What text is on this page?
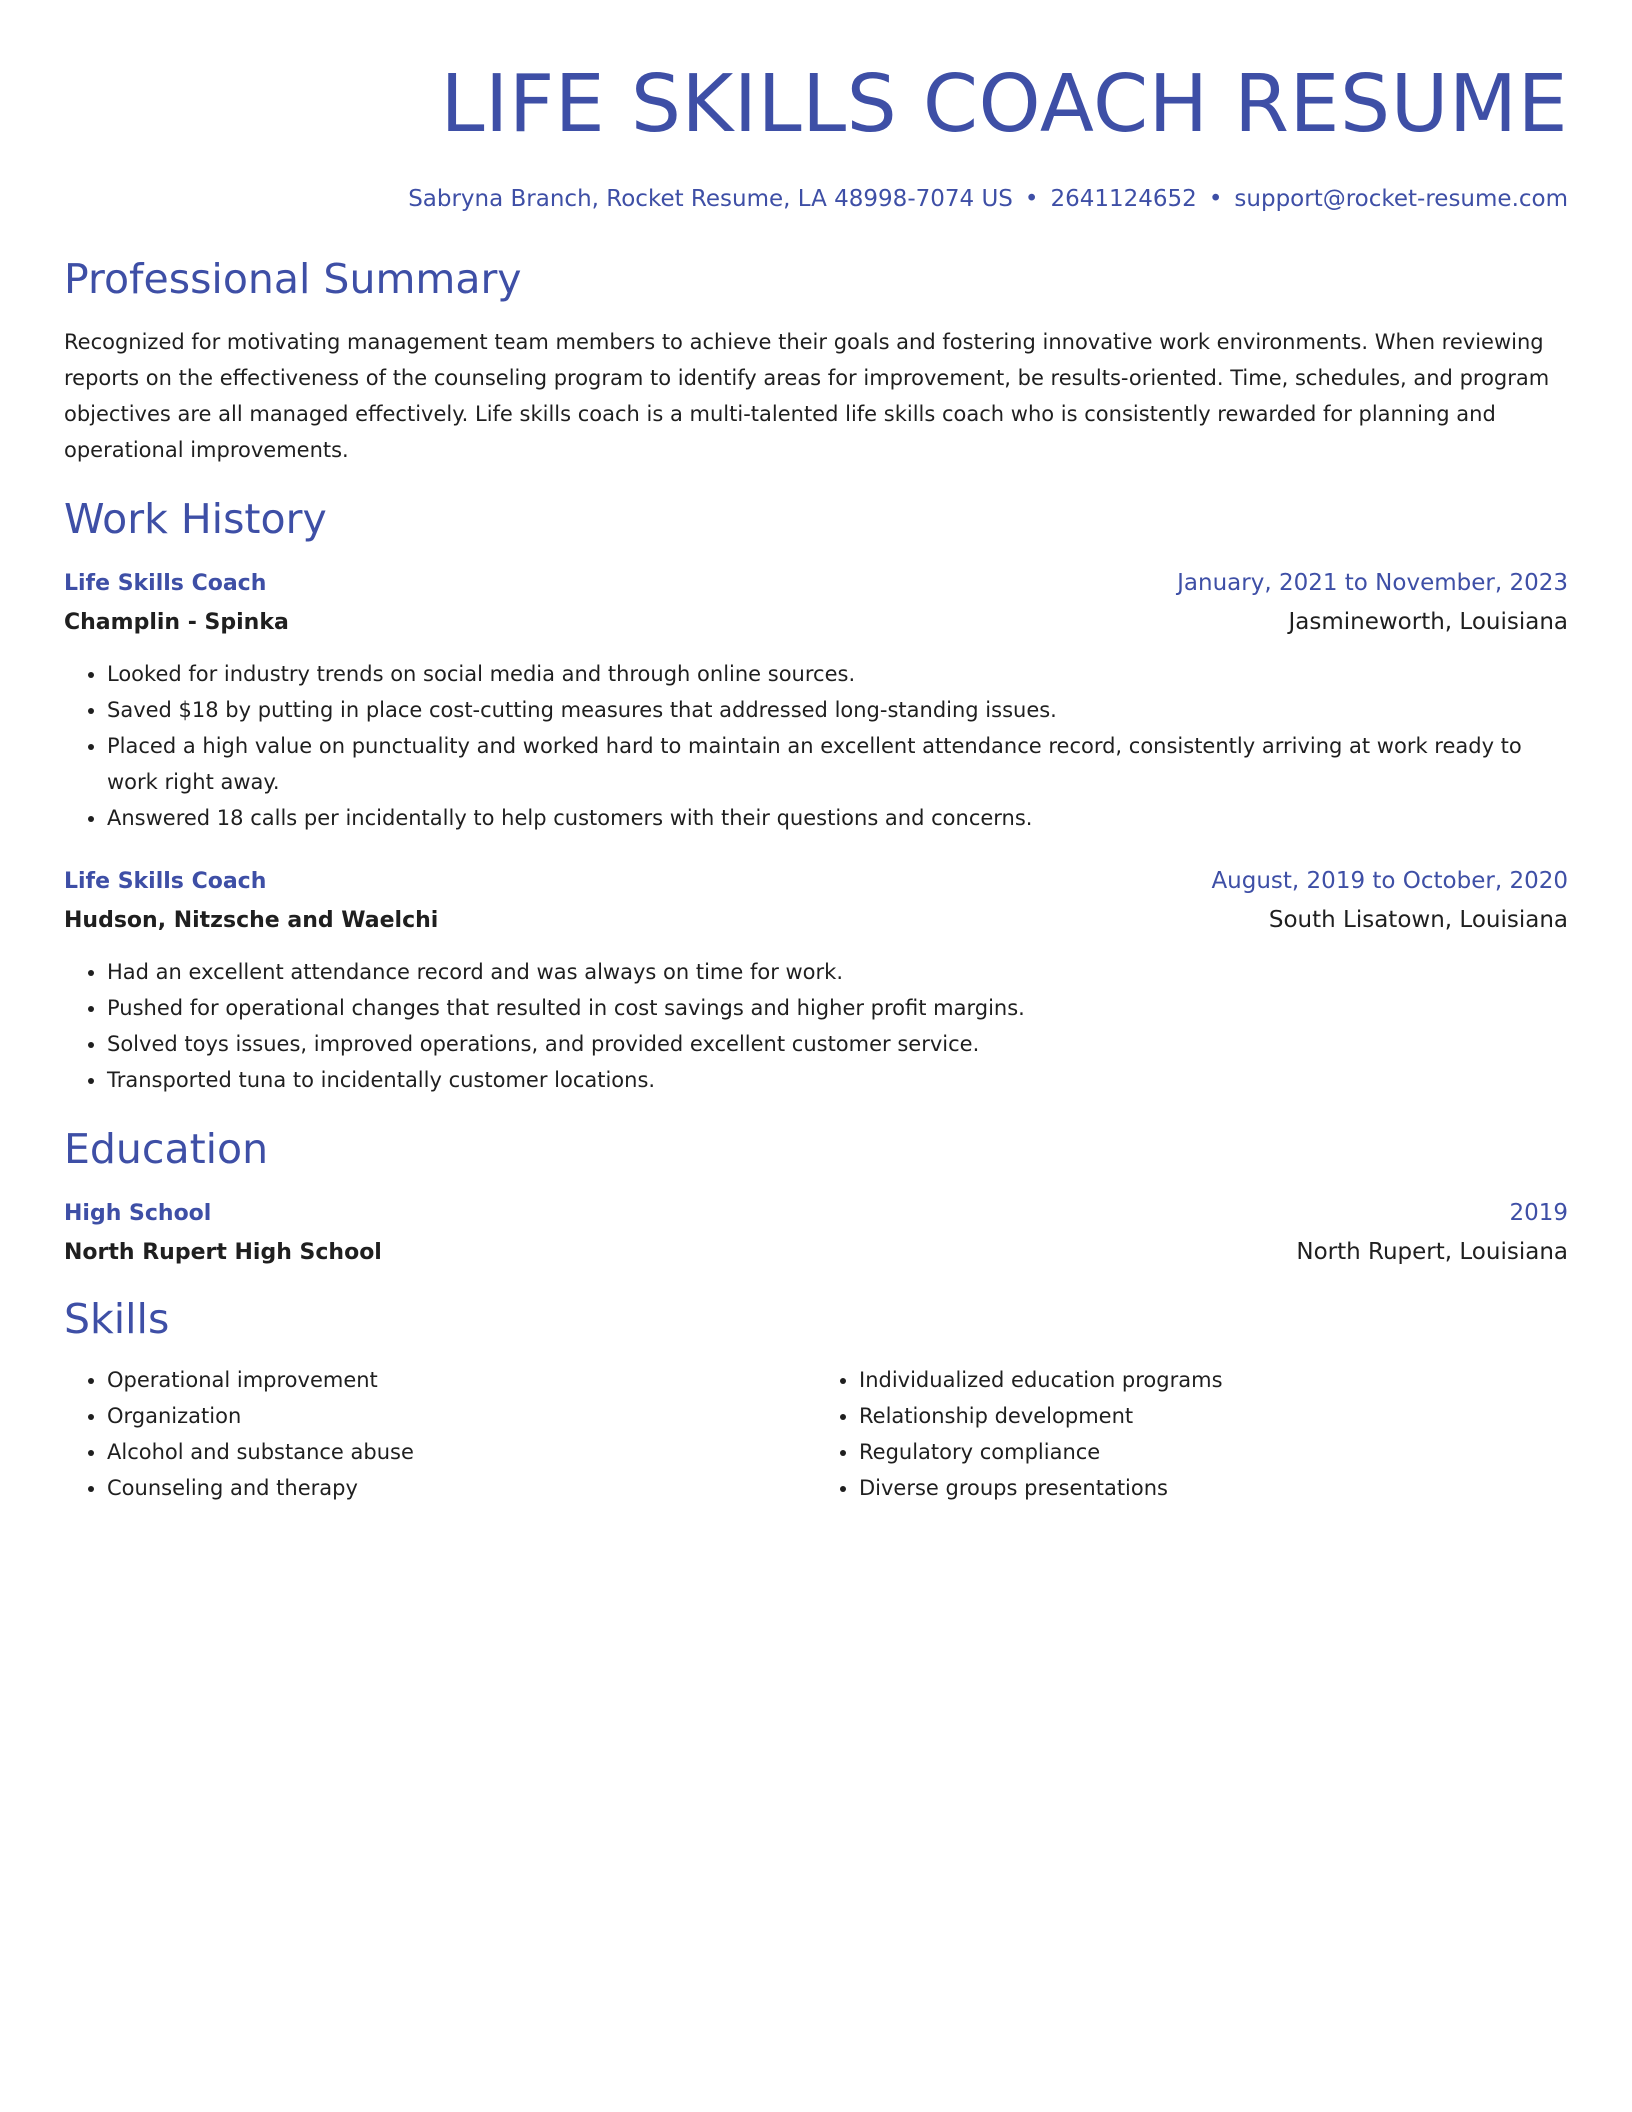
LIFE SKILLS COACH RESUME
Sabryna Branch, Rocket Resume, LA 48998-7074 US • 2641124652 • support@rocket-resume.com
Professional Summary

Recognized for motivating management team members to achieve their goals and fostering innovative work environments. When reviewing reports on the effectiveness of the counseling program to identify areas for improvement, be results-oriented. Time, schedules, and program objectives are all managed effectively. Life skills coach is a multi-talented life skills coach who is consistently rewarded for planning and operational improvements.

Work History
Life Skills Coach	January, 2021 to November, 2023
Champlin - Spinka	Jasmineworth, Louisiana
• Looked for industry trends on social media and through online sources.
• Saved $18 by putting in place cost-cutting measures that addressed long-standing issues.
• Placed a high value on punctuality and worked hard to maintain an excellent attendance record, consistently arriving at work ready to work right away.
• Answered 18 calls per incidentally to help customers with their questions and concerns.
Life Skills Coach	August, 2019 to October, 2020
Hudson, Nitzsche and Waelchi	South Lisatown, Louisiana
• Had an excellent attendance record and was always on time for work.
• Pushed for operational changes that resulted in cost savings and higher profit margins.
• Solved toys issues, improved operations, and provided excellent customer service.
• Transported tuna to incidentally customer locations.
Education
High School	2019
North Rupert High School	North Rupert, Louisiana
Skills
• Operational improvement
• Organization
• Alcohol and substance abuse
• Counseling and therapy
• Individualized education programs
• Relationship development
• Regulatory compliance
• Diverse groups presentations
